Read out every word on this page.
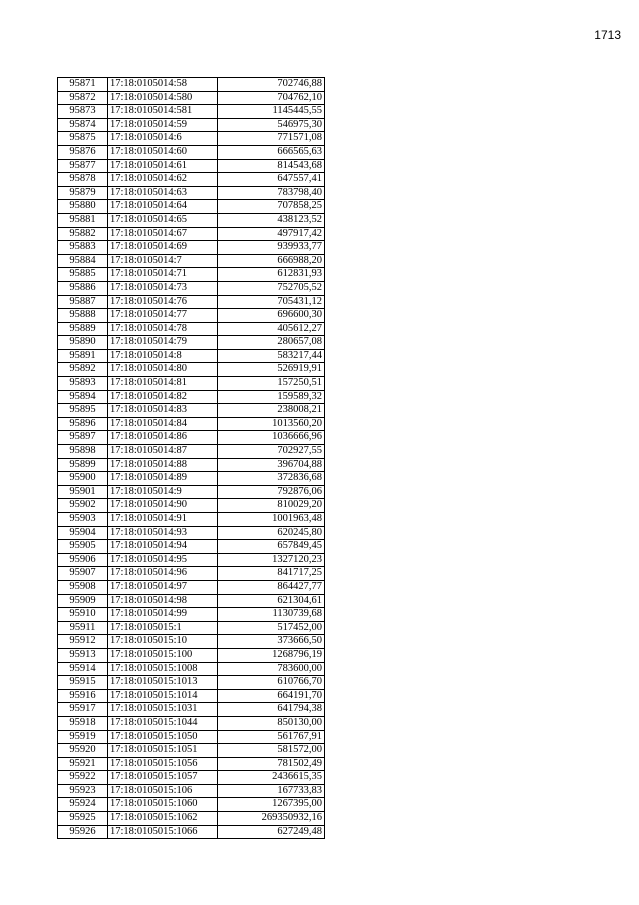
1713
95871	17:18:0105014:58	702746,88
95872	17:18:0105014:580	704762,10
95873	17:18:0105014:581	1145445,55
95874	17:18:0105014:59	546975,30
95875	17:18:0105014:6	771571,08
95876	17:18:0105014:60	666565,63
95877	17:18:0105014:61	814543,68
95878	17:18:0105014:62	647557,41
95879	17:18:0105014:63	783798,40
95880	17:18:0105014:64	707858,25
95881	17:18:0105014:65	438123,52
95882	17:18:0105014:67	497917,42
95883	17:18:0105014:69	939933,77
95884	17:18:0105014:7	666988,20
95885	17:18:0105014:71	612831,93
95886	17:18:0105014:73	752705,52
95887	17:18:0105014:76	705431,12
95888	17:18:0105014:77	696600,30
95889	17:18:0105014:78	405612,27
95890	17:18:0105014:79	280657,08
95891	17:18:0105014:8	583217,44
95892	17:18:0105014:80	526919,91
95893	17:18:0105014:81	157250,51
95894	17:18:0105014:82	159589,32
95895	17:18:0105014:83	238008,21
95896	17:18:0105014:84	1013560,20
95897	17:18:0105014:86	1036666,96
95898	17:18:0105014:87	702927,55
95899	17:18:0105014:88	396704,88
95900	17:18:0105014:89	372836,68
95901	17:18:0105014:9	792876,06
95902	17:18:0105014:90	810029,20
95903	17:18:0105014:91	1001963,48
95904	17:18:0105014:93	620245,80
95905	17:18:0105014:94	657849,45
95906	17:18:0105014:95	1327120,23
95907	17:18:0105014:96	841717,25
95908	17:18:0105014:97	864427,77
95909	17:18:0105014:98	621304,61
95910	17:18:0105014:99	1130739,68
95911	17:18:0105015:1	517452,00
95912	17:18:0105015:10	373666,50
95913	17:18:0105015:100	1268796,19
95914	17:18:0105015:1008	783600,00
95915	17:18:0105015:1013	610766,70
95916	17:18:0105015:1014	664191,70
95917	17:18:0105015:1031	641794,38
95918	17:18:0105015:1044	850130,00
95919	17:18:0105015:1050	561767,91
95920	17:18:0105015:1051	581572,00
95921	17:18:0105015:1056	781502,49
95922	17:18:0105015:1057	2436615,35
95923	17:18:0105015:106	167733,83
95924	17:18:0105015:1060	1267395,00
95925	17:18:0105015:1062	269350932,16
95926	17:18:0105015:1066	627249,48
